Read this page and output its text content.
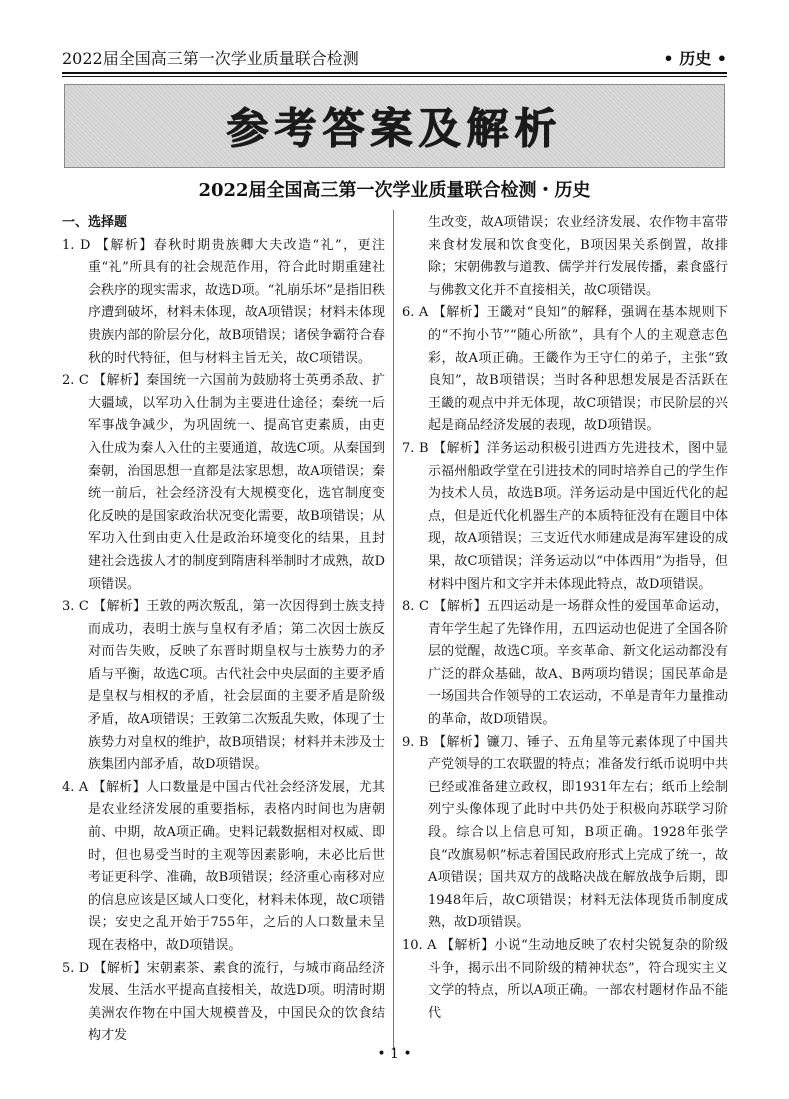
2022届全国高三第一次学业质量联合检测	• 历史 •
参考答案及解析
2022届全国高三第一次学业质量联合检测・历史

一、选择题

1. D 【解析】春秋时期贵族卿大夫改造“礼”，更注重“礼”所具有的社会规范作用，符合此时期重建社会秩序的现实需求，故选D项。“礼崩乐坏”是指旧秩序遭到破坏，材料未体现，故A项错误；材料未体现贵族内部的阶层分化，故B项错误；诸侯争霸符合春秋的时代特征，但与材料主旨无关，故C项错误。

2. C 【解析】秦国统一六国前为鼓励将士英勇杀敌、扩大疆域，以军功入仕制为主要进仕途径；秦统一后军事战争减少，为巩固统一、提高官吏素质，由吏入仕成为秦人入仕的主要通道，故选C项。从秦国到秦朝，治国思想一直都是法家思想，故A项错误；秦统一前后，社会经济没有大规模变化，选官制度变化反映的是国家政治状况变化需要，故B项错误；从军功入仕到由吏入仕是政治环境变化的结果，且封建社会选拔人才的制度到隋唐科举制时才成熟，故D项错误。

3. C 【解析】王敦的两次叛乱，第一次因得到士族支持而成功，表明士族与皇权有矛盾；第二次因士族反对而告失败，反映了东晋时期皇权与士族势力的矛盾与平衡，故选C项。古代社会中央层面的主要矛盾是皇权与相权的矛盾，社会层面的主要矛盾是阶级矛盾，故A项错误；王敦第二次叛乱失败，体现了士族势力对皇权的维护，故B项错误；材料并未涉及士族集团内部矛盾，故D项错误。

4. A 【解析】人口数量是中国古代社会经济发展，尤其是农业经济发展的重要指标，表格内时间也为唐朝前、中期，故A项正确。史料记载数据相对权威、即时，但也易受当时的主观等因素影响，未必比后世考证更科学、准确，故B项错误；经济重心南移对应的信息应该是区域人口变化，材料未体现，故C项错误；安史之乱开始于755年，之后的人口数量未呈现在表格中，故D项错误。

5. D 【解析】宋朝素茶、素食的流行，与城市商品经济发展、生活水平提高直接相关，故选D项。明清时期美洲农作物在中国大规模普及，中国民众的饮食结构才发

生改变，故A项错误；农业经济发展、农作物丰富带来食材发展和饮食变化，B项因果关系倒置，故排除；宋朝佛教与道教、儒学并行发展传播，素食盛行与佛教文化并不直接相关，故C项错误。

6. A 【解析】王畿对“良知”的解释，强调在基本规则下的“不拘小节”“随心所欲”，具有个人的主观意志色彩，故A项正确。王畿作为王守仁的弟子，主张“致良知”，故B项错误；当时各种思想发展是否活跃在王畿的观点中并无体现，故C项错误；市民阶层的兴起是商品经济发展的表现，故D项错误。

7. B 【解析】洋务运动积极引进西方先进技术，图中显示福州船政学堂在引进技术的同时培养自己的学生作为技术人员，故选B项。洋务运动是中国近代化的起点，但是近代化机器生产的本质特征没有在题目中体现，故A项错误；三支近代水师建成是海军建设的成果，故C项错误；洋务运动以“中体西用”为指导，但材料中图片和文字并未体现此特点，故D项错误。

8. C 【解析】五四运动是一场群众性的爱国革命运动，青年学生起了先锋作用，五四运动也促进了全国各阶层的觉醒，故选C项。辛亥革命、新文化运动都没有广泛的群众基础，故A、B两项均错误；国民革命是一场国共合作领导的工农运动，不单是青年力量推动的革命，故D项错误。

9. B 【解析】镰刀、锤子、五角星等元素体现了中国共产党领导的工农联盟的特点；准备发行纸币说明中共已经或准备建立政权，即1931年左右；纸币上绘制列宁头像体现了此时中共仍处于积极向苏联学习阶段。综合以上信息可知，B项正确。1928年张学良“改旗易帜”标志着国民政府形式上完成了统一，故A项错误；国共双方的战略决战在解放战争后期，即1948年后，故C项错误；材料无法体现货币制度成熟，故D项错误。

10. A 【解析】小说“生动地反映了农村尖锐复杂的阶级斗争，揭示出不同阶级的精神状态”，符合现实主义文学的特点，所以A项正确。一部农村题材作品不能代

• 1 •
